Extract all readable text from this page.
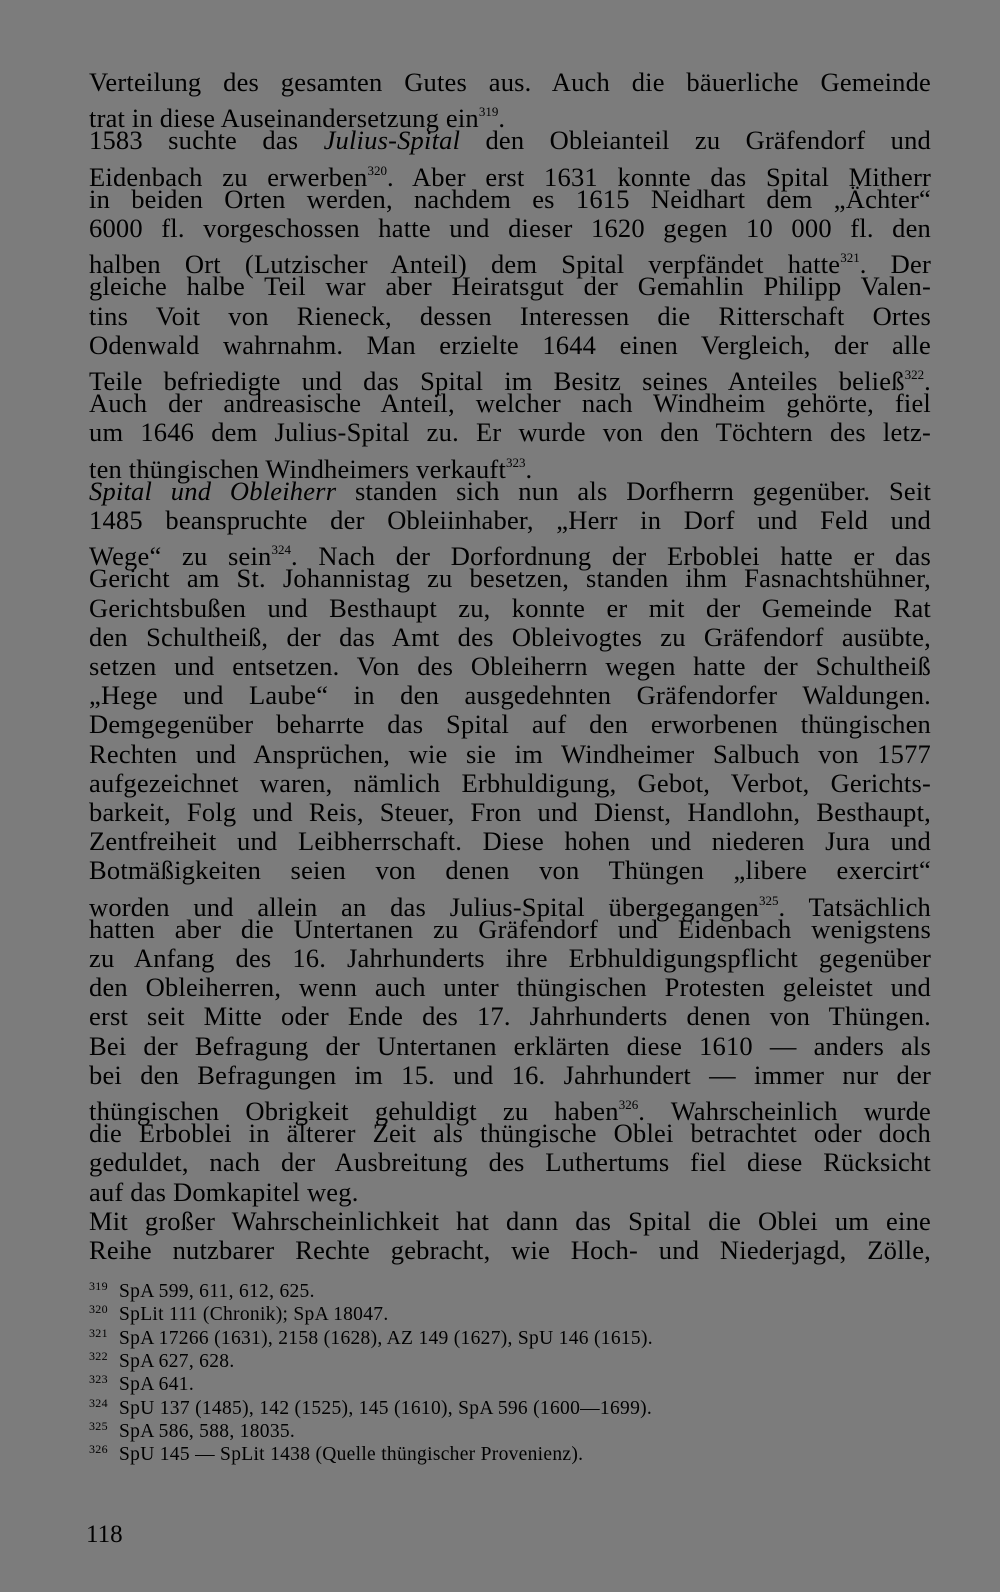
Verteilung des gesamten Gutes aus. Auch die bäuerliche Gemeinde
trat in diese Auseinandersetzung ein$^{319}$.
1583 suchte das Julius-Spital den Obleianteil zu Gräfendorf und
Eidenbach zu erwerben$^{320}$. Aber erst 1631 konnte das Spital Mitherr
in beiden Orten werden, nachdem es 1615 Neidhart dem „Ächter“
6000 fl. vorgeschossen hatte und dieser 1620 gegen 10 000 fl. den
halben Ort (Lutzischer Anteil) dem Spital verpfändet hatte$^{321}$. Der
gleiche halbe Teil war aber Heiratsgut der Gemahlin Philipp Valen-
tins Voit von Rieneck, dessen Interessen die Ritterschaft Ortes
Odenwald wahrnahm. Man erzielte 1644 einen Vergleich, der alle
Teile befriedigte und das Spital im Besitz seines Anteiles beließ$^{322}$.
Auch der andreasische Anteil, welcher nach Windheim gehörte, fiel
um 1646 dem Julius-Spital zu. Er wurde von den Töchtern des letz-
ten thüngischen Windheimers verkauft$^{323}$.
Spital und Obleiherr standen sich nun als Dorfherrn gegenüber. Seit
1485 beanspruchte der Obleiinhaber, „Herr in Dorf und Feld und
Wege“ zu sein$^{324}$. Nach der Dorfordnung der Erboblei hatte er das
Gericht am St. Johannistag zu besetzen, standen ihm Fasnachtshühner,
Gerichtsbußen und Besthaupt zu, konnte er mit der Gemeinde Rat
den Schultheiß, der das Amt des Obleivogtes zu Gräfendorf ausübte,
setzen und entsetzen. Von des Obleiherrn wegen hatte der Schultheiß
„Hege und Laube“ in den ausgedehnten Gräfendorfer Waldungen.
Demgegenüber beharrte das Spital auf den erworbenen thüngischen
Rechten und Ansprüchen, wie sie im Windheimer Salbuch von 1577
aufgezeichnet waren, nämlich Erbhuldigung, Gebot, Verbot, Gerichts-
barkeit, Folg und Reis, Steuer, Fron und Dienst, Handlohn, Besthaupt,
Zentfreiheit und Leibherrschaft. Diese hohen und niederen Jura und
Botmäßigkeiten seien von denen von Thüngen „libere exercirt“
worden und allein an das Julius-Spital übergegangen$^{325}$. Tatsächlich
hatten aber die Untertanen zu Gräfendorf und Eidenbach wenigstens
zu Anfang des 16. Jahrhunderts ihre Erbhuldigungspflicht gegenüber
den Obleiherren, wenn auch unter thüngischen Protesten geleistet und
erst seit Mitte oder Ende des 17. Jahrhunderts denen von Thüngen.
Bei der Befragung der Untertanen erklärten diese 1610 — anders als
bei den Befragungen im 15. und 16. Jahrhundert — immer nur der
thüngischen Obrigkeit gehuldigt zu haben$^{326}$. Wahrscheinlich wurde
die Erboblei in älterer Zeit als thüngische Oblei betrachtet oder doch
geduldet, nach der Ausbreitung des Luthertums fiel diese Rücksicht
auf das Domkapitel weg.
Mit großer Wahrscheinlichkeit hat dann das Spital die Oblei um eine
Reihe nutzbarer Rechte gebracht, wie Hoch- und Niederjagd, Zölle,
319 SpA 599, 611, 612, 625.
320 SpLit 111 (Chronik); SpA 18047.
321 SpA 17266 (1631), 2158 (1628), AZ 149 (1627), SpU 146 (1615).
322 SpA 627, 628.
323 SpA 641.
324 SpU 137 (1485), 142 (1525), 145 (1610), SpA 596 (1600—1699).
325 SpA 586, 588, 18035.
326 SpU 145 — SpLit 1438 (Quelle thüngischer Provenienz).
118
